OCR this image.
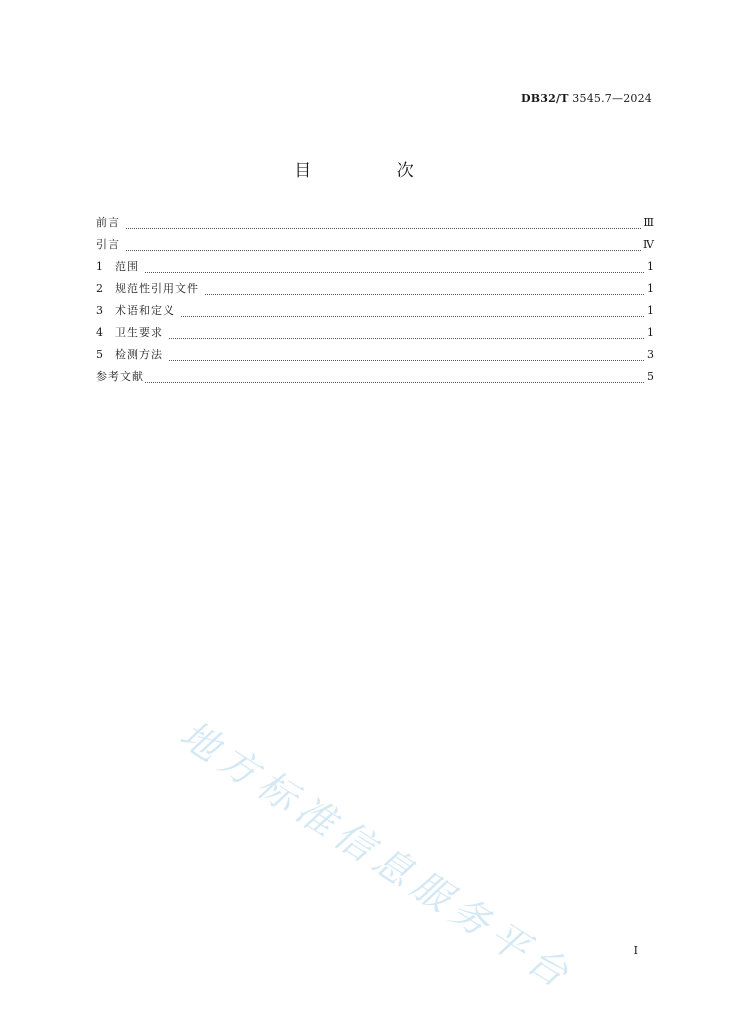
DB32/T 3545.7—2024
目 次
前言	Ⅲ
引言	Ⅳ
1	范围	1
2	规范性引用文件	1
3	术语和定义	1
4	卫生要求	1
5	检测方法	3
参考文献	5
地方标准信息服务平台	I
